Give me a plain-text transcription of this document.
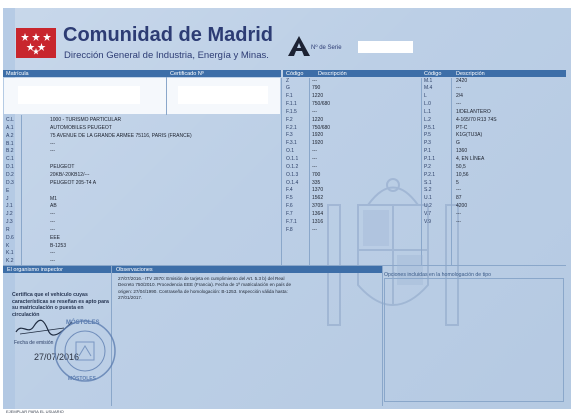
Comunidad de Madrid
Dirección General de Industria, Energía y Minas.
Nº de Serie
Matrícula	Certificado Nº	Código	Descripción	Código	Descripción
C.L	1000 - TURISMO PARTICULAR
A.1	AUTOMOBILES PEUGEOT
A.2	75 AVENUE DE LA GRANDE ARMEE 75116, PARIS (FRANCE)
B.1	---
B.2	---
C.1
D.1	PEUGEOT
D.2	20KB/-20KB12/---
D.3	PEUGEOT 205-T4 A
E
J	M1
J.1	AB
J.2	---
J.3	---
R	---
D.6	EEE
K	B-1253
K.1	---
K.2	---
Z	---
G	790
F.1	1220
F.1.1	750/680
F.1.5	---
F.2	1220
F.2.1	750/680
F.3	1920
F.3.1	1920
O.1	---
O.1.1	---
O.1.2	---
O.1.3	700
O.1.4	335
F.4	1370
F.5	1562
F.6	3705
F.7	1364
F.7.1	1316
F.8	---
M.1	2420
M.4	---
L	2/4
L.0	---
L.1	1/DELANTERO
L.2	4-165/70 R13 74S
P.5.1	PT-C
P.5	K1G(TU3A)
P.3	G
P.1	1360
P.1.1	4, EN LÍNEA
P.2	50,5
P.2.1	10,56
S.1	5
S.2	---
U.1	87
U.2	4200
V.7	---
V.9	---
El organismo inspector	Observaciones
Opciones incluidas en la homologación de tipo
27/07/2016.- ITV 2870: Emisión de tarjeta en cumplimiento del Art. 5.3 b) del Real
Decreto 750/2010. Procedencia EEE (Francia). Fecha de 1ª matriculación en país de
origen: 27/04/1990. Contraseña de homologación: B-1253. Inspección válida hasta:
27/01/2017.
Certifica que el vehículo cuyas características se reseñan es apto para su matriculación o puesta en circulación
Fecha de emisión
27/07/2016
MÓSTOLES
MÓSTOLES
EJEMPLAR PARA EL USUARIO
